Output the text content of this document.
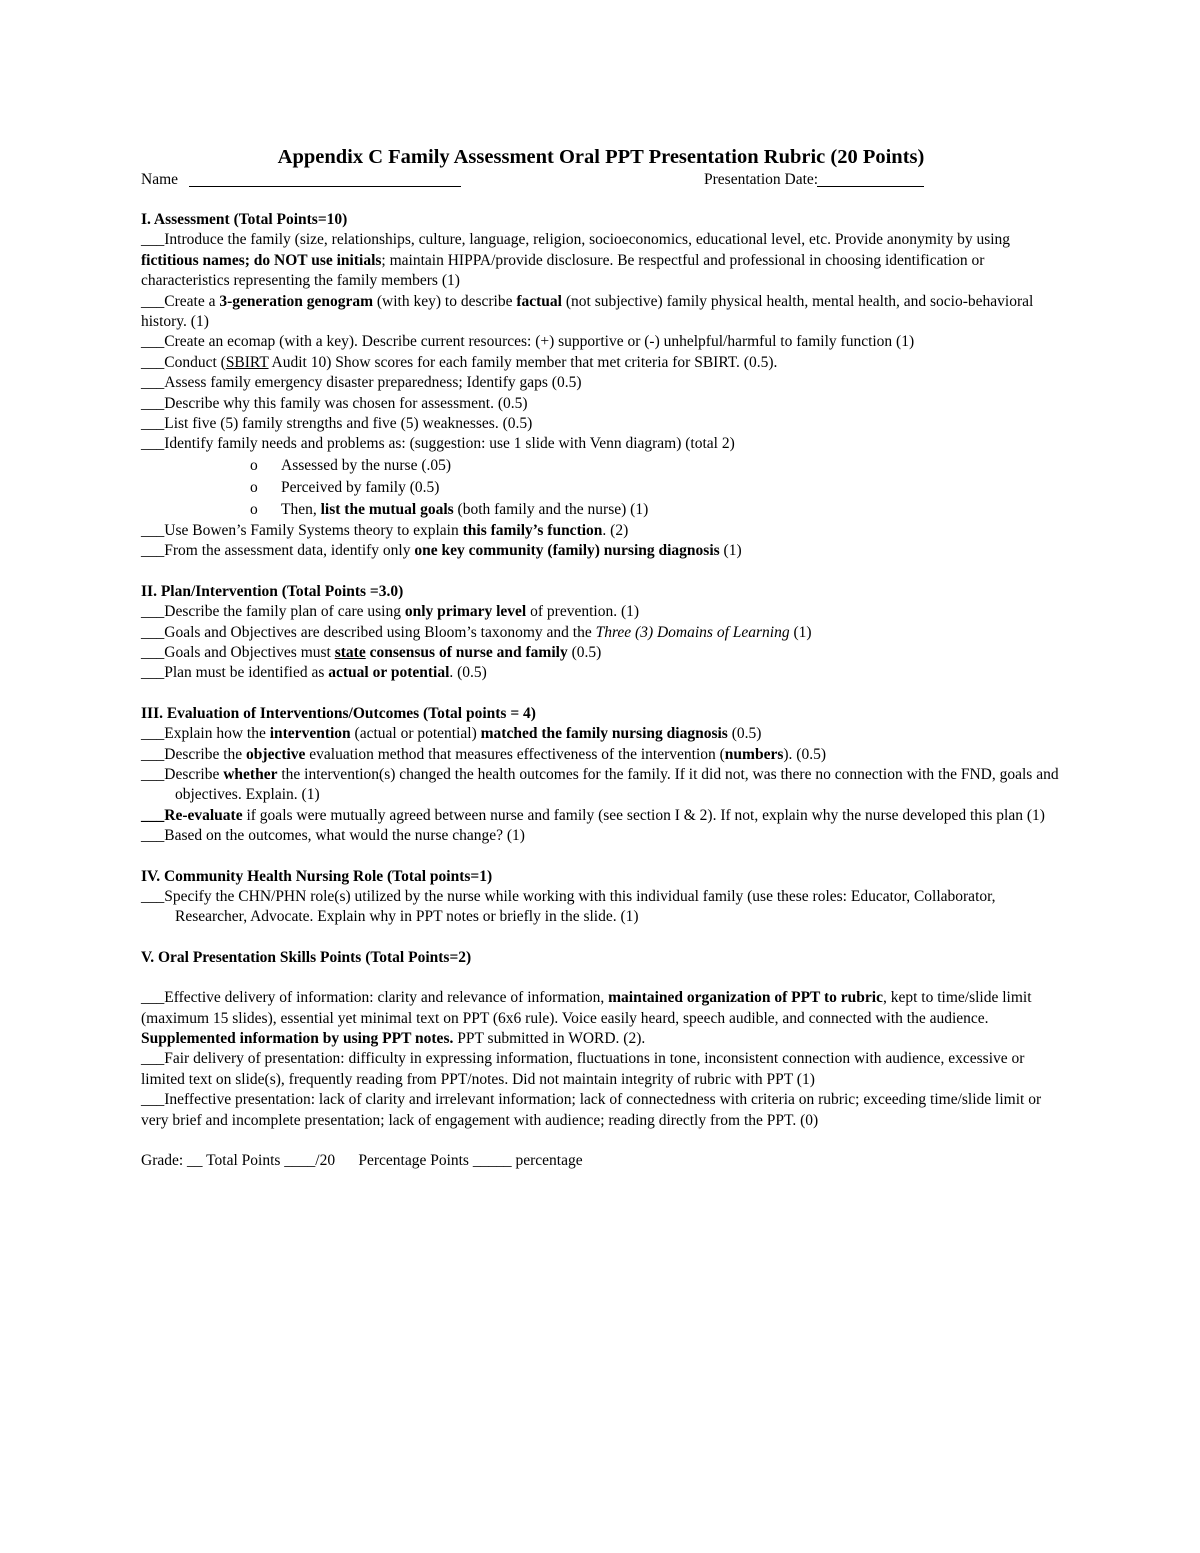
Appendix C Family Assessment Oral PPT Presentation Rubric (20 Points)
Name	Presentation Date:
I. Assessment (Total Points=10)

___Introduce the family (size, relationships, culture, language, religion, socioeconomics, educational level, etc. Provide anonymity by using fictitious names; do NOT use initials; maintain HIPPA/provide disclosure. Be respectful and professional in choosing identification or characteristics representing the family members (1)

___Create a 3-generation genogram (with key) to describe factual (not subjective) family physical health, mental health, and socio-behavioral history. (1)

___Create an ecomap (with a key). Describe current resources: (+) supportive or (-) unhelpful/harmful to family function (1)

___Conduct (SBIRT Audit 10) Show scores for each family member that met criteria for SBIRT. (0.5).

___Assess family emergency disaster preparedness; Identify gaps (0.5)

___Describe why this family was chosen for assessment. (0.5)

___List five (5) family strengths and five (5) weaknesses. (0.5)

___Identify family needs and problems as: (suggestion: use 1 slide with Venn diagram) (total 2)

o Assessed by the nurse (.05)
o Perceived by family (0.5)
o Then, list the mutual goals (both family and the nurse) (1)

___Use Bowen’s Family Systems theory to explain this family’s function. (2)

___From the assessment data, identify only one key community (family) nursing diagnosis (1)

II. Plan/Intervention (Total Points =3.0)

___Describe the family plan of care using only primary level of prevention. (1)

___Goals and Objectives are described using Bloom’s taxonomy and the Three (3) Domains of Learning (1)

___Goals and Objectives must state consensus of nurse and family (0.5)

___Plan must be identified as actual or potential. (0.5)

III. Evaluation of Interventions/Outcomes (Total points = 4)

___Explain how the intervention (actual or potential) matched the family nursing diagnosis (0.5)

___Describe the objective evaluation method that measures effectiveness of the intervention (numbers). (0.5)

___Describe whether the intervention(s) changed the health outcomes for the family. If it did not, was there no connection with the FND, goals and objectives. Explain. (1)

___Re-evaluate if goals were mutually agreed between nurse and family (see section I & 2). If not, explain why the nurse developed this plan (1)

___Based on the outcomes, what would the nurse change? (1)

IV. Community Health Nursing Role (Total points=1)

___Specify the CHN/PHN role(s) utilized by the nurse while working with this individual family (use these roles: Educator, Collaborator, Researcher, Advocate. Explain why in PPT notes or briefly in the slide. (1)

V. Oral Presentation Skills Points (Total Points=2)

___Effective delivery of information: clarity and relevance of information, maintained organization of PPT to rubric, kept to time/slide limit (maximum 15 slides), essential yet minimal text on PPT (6x6 rule). Voice easily heard, speech audible, and connected with the audience. Supplemented information by using PPT notes. PPT submitted in WORD. (2).

___Fair delivery of presentation: difficulty in expressing information, fluctuations in tone, inconsistent connection with audience, excessive or limited text on slide(s), frequently reading from PPT/notes. Did not maintain integrity of rubric with PPT (1)

___Ineffective presentation: lack of clarity and irrelevant information; lack of connectedness with criteria on rubric; exceeding time/slide limit or very brief and incomplete presentation; lack of engagement with audience; reading directly from the PPT. (0)

Grade: __ Total Points ____/20      Percentage Points _____ percentage
